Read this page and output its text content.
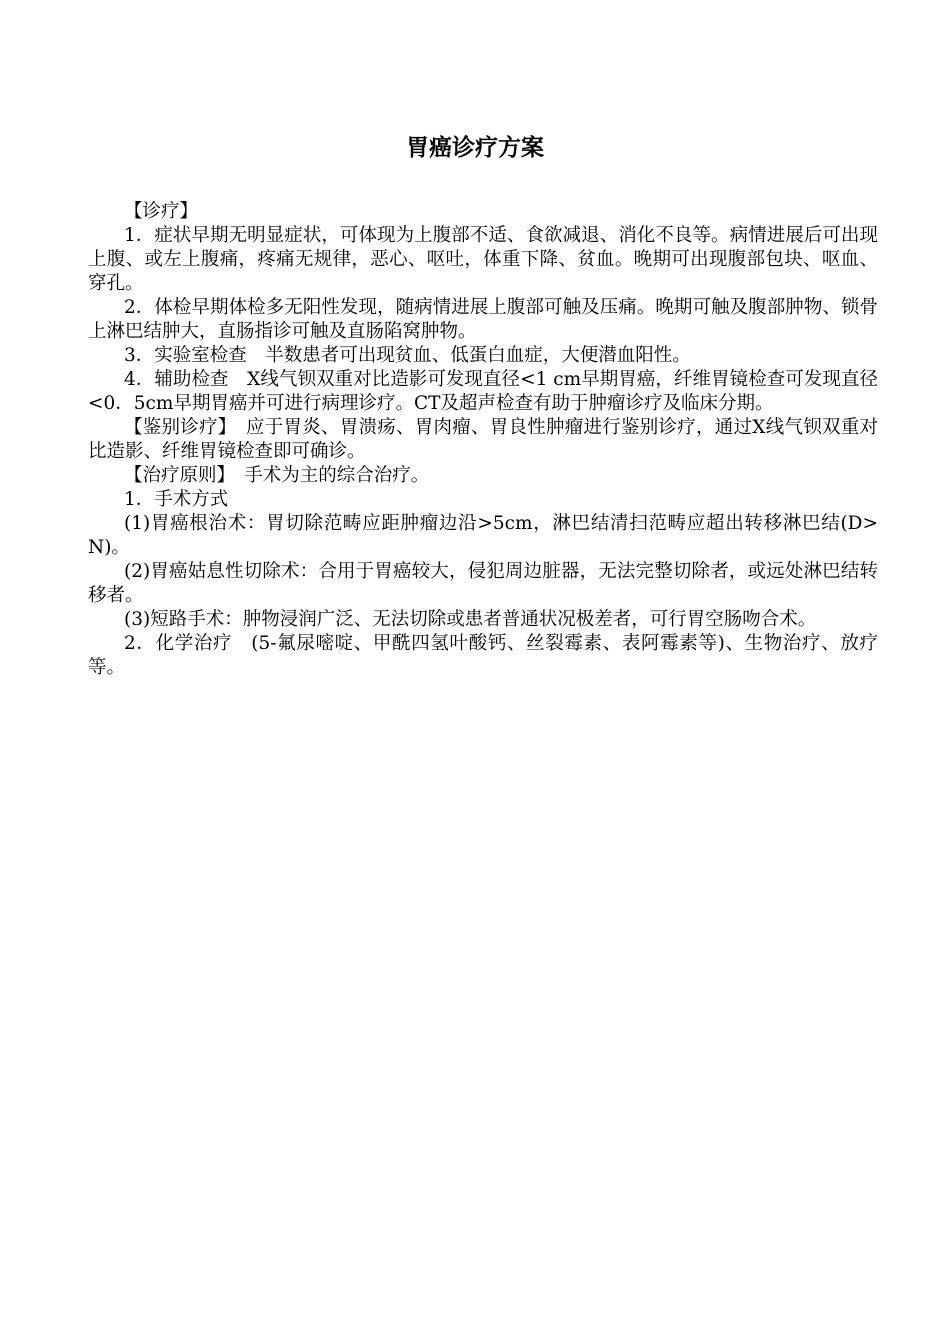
胃癌诊疗方案

【诊疗】

1．症状早期无明显症状，可体现为上腹部不适、食欲减退、消化不良等。病情进展后可出现上腹、或左上腹痛，疼痛无规律，恶心、呕吐，体重下降、贫血。晚期可出现腹部包块、呕血、穿孔。

2．体检早期体检多无阳性发现，随病情进展上腹部可触及压痛。晚期可触及腹部肿物、锁骨上淋巴结肿大，直肠指诊可触及直肠陷窝肿物。

3．实验室检查　半数患者可出现贫血、低蛋白血症，大便潜血阳性。

4．辅助检查　X线气钡双重对比造影可发现直径<1 cm早期胃癌，纤维胃镜检查可发现直径<0．5cm早期胃癌并可进行病理诊疗。CT及超声检查有助于肿瘤诊疗及临床分期。

【鉴别诊疗】　应于胃炎、胃溃疡、胃肉瘤、胃良性肿瘤进行鉴别诊疗，通过X线气钡双重对比造影、纤维胃镜检查即可确诊。

【治疗原则】　手术为主的综合治疗。

1．手术方式

(1)胃癌根治术：胃切除范畴应距肿瘤边沿>5cm，淋巴结清扫范畴应超出转移淋巴结(D>N)。

(2)胃癌姑息性切除术：合用于胃癌较大，侵犯周边脏器，无法完整切除者，或远处淋巴结转移者。

(3)短路手术：肿物浸润广泛、无法切除或患者普通状况极差者，可行胃空肠吻合术。

2．化学治疗　(5-氟尿嘧啶、甲酰四氢叶酸钙、丝裂霉素、表阿霉素等)、生物治疗、放疗等。
